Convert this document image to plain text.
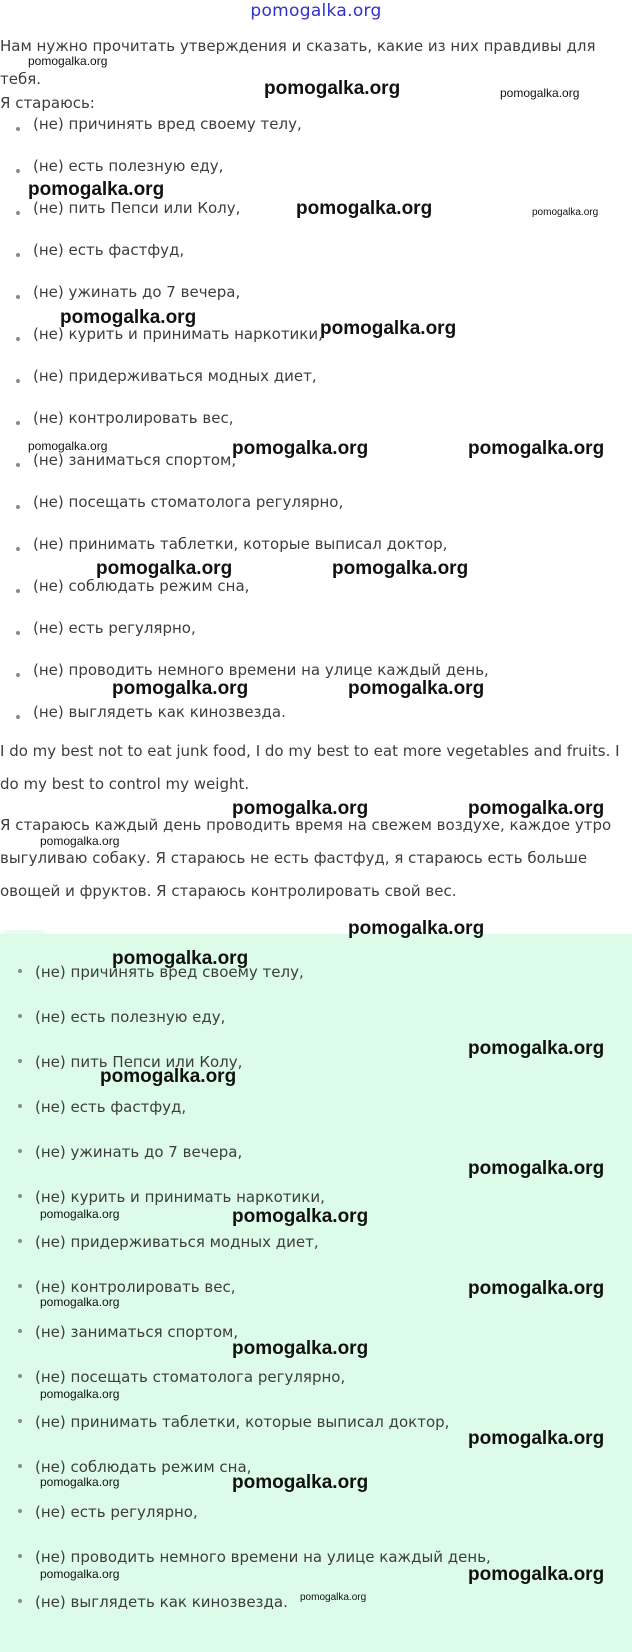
pomogalka.org
Нам нужно прочитать утверждения и сказать, какие из них правдивы для тебя.
Я стараюсь:
(не) причинять вред своему телу,
(не) есть полезную еду,
(не) пить Пепси или Колу,
(не) есть фастфуд,
(не) ужинать до 7 вечера,
(не) курить и принимать наркотики,
(не) придерживаться модных диет,
(не) контролировать вес,
(не) заниматься спортом,
(не) посещать стоматолога регулярно,
(не) принимать таблетки, которые выписал доктор,
(не) соблюдать режим сна,
(не) есть регулярно,
(не) проводить немного времени на улице каждый день,
(не) выглядеть как кинозвезда.
I do my best not to eat junk food, I do my best to eat more vegetables and fruits. I do my best to control my weight.
Я стараюсь каждый день проводить время на свежем воздухе, каждое утро выгуливаю собаку. Я стараюсь не есть фастфуд, я стараюсь есть больше овощей и фруктов. Я стараюсь контролировать свой вес.
(не) причинять вред своему телу,
(не) есть полезную еду,
(не) пить Пепси или Колу,
(не) есть фастфуд,
(не) ужинать до 7 вечера,
(не) курить и принимать наркотики,
(не) придерживаться модных диет,
(не) контролировать вес,
(не) заниматься спортом,
(не) посещать стоматолога регулярно,
(не) принимать таблетки, которые выписал доктор,
(не) соблюдать режим сна,
(не) есть регулярно,
(не) проводить немного времени на улице каждый день,
(не) выглядеть как кинозвезда.
pomogalka.org
pomogalka.org	pomogalka.org
pomogalka.org
pomogalka.org	pomogalka.org
pomogalka.org
pomogalka.org
pomogalka.org	pomogalka.org	pomogalka.org
pomogalka.org	pomogalka.org
pomogalka.org	pomogalka.org
pomogalka.org	pomogalka.org
pomogalka.org
pomogalka.org
pomogalka.org
pomogalka.org
pomogalka.org
pomogalka.org
pomogalka.org	pomogalka.org
pomogalka.org
pomogalka.org
pomogalka.org
pomogalka.org
pomogalka.org
pomogalka.org	pomogalka.org
pomogalka.org	pomogalka.org
pomogalka.org
